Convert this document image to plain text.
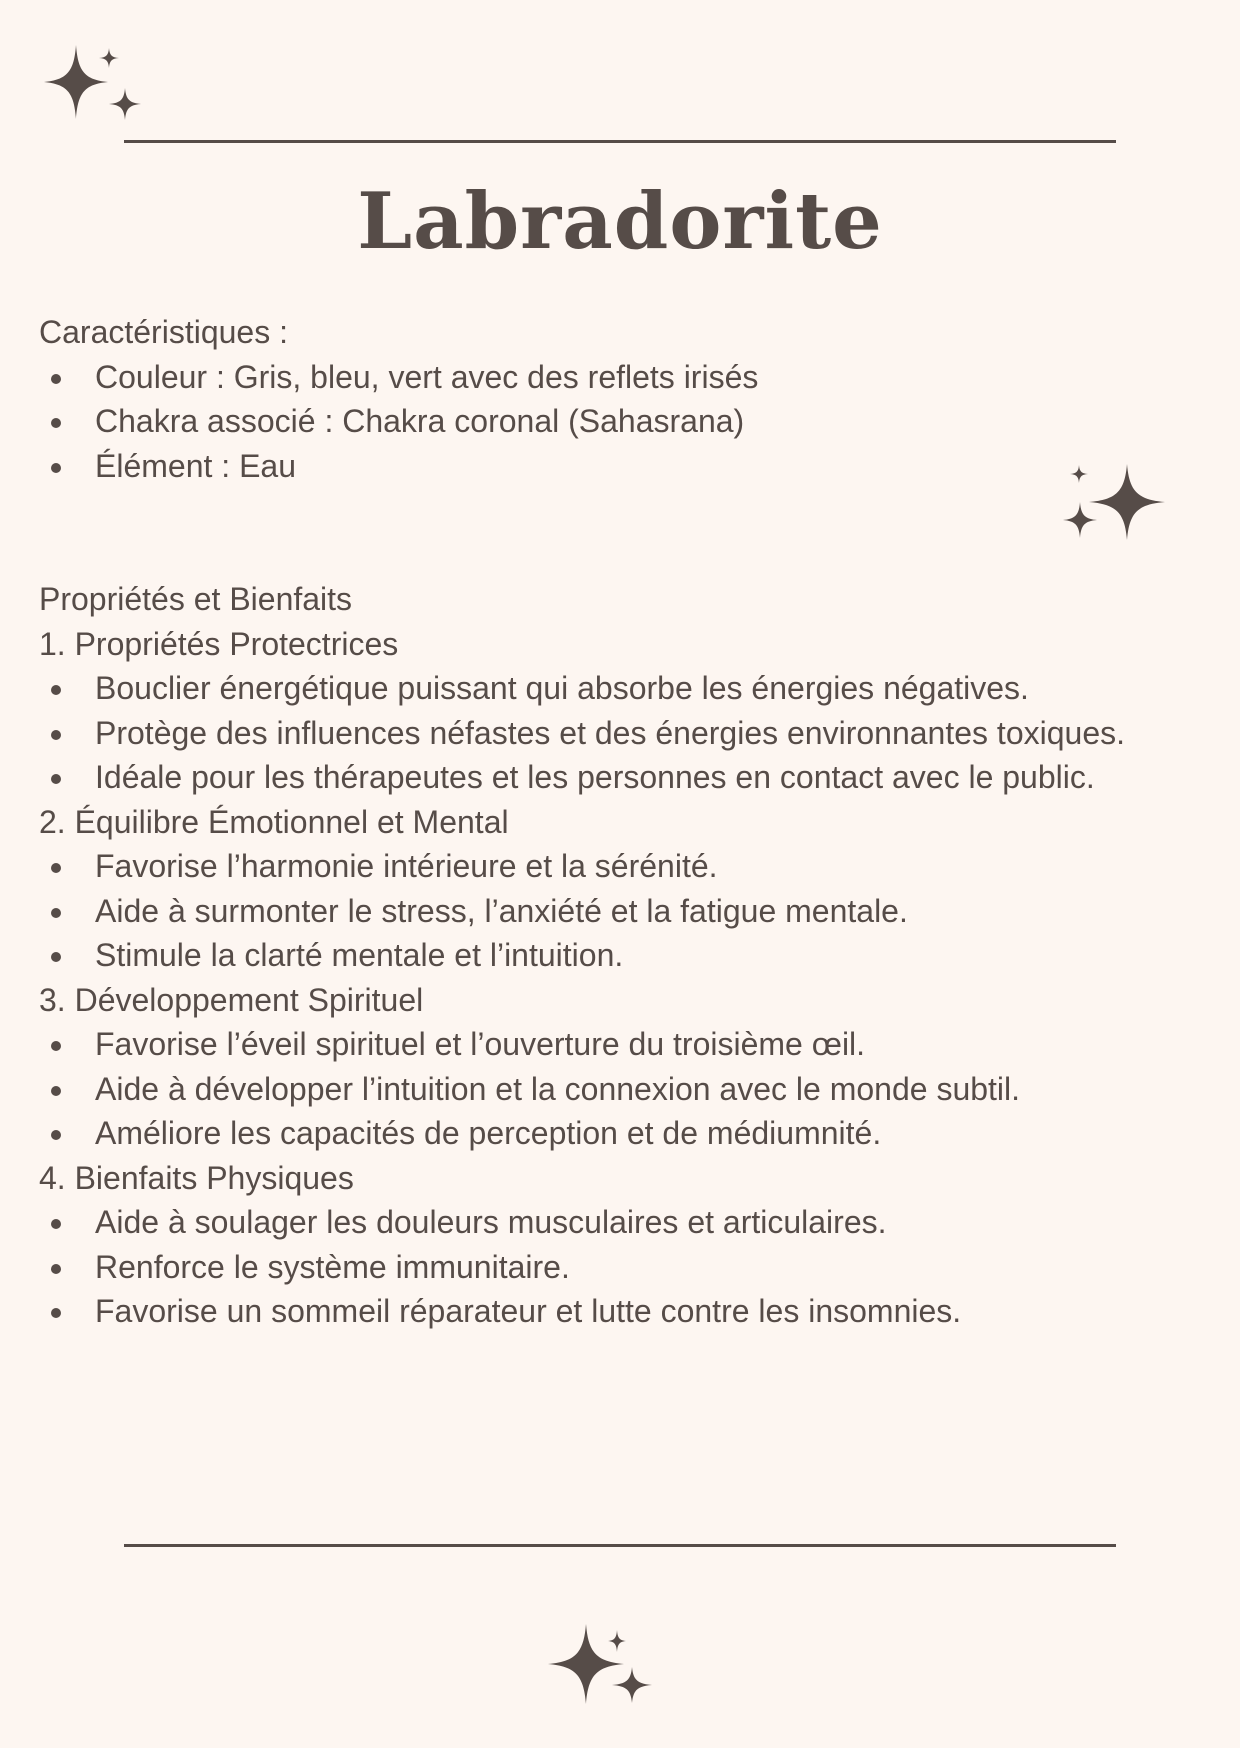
Labradorite

Caractéristiques :

Couleur : Gris, bleu, vert avec des reflets irisés
Chakra associé : Chakra coronal (Sahasrana)
Élément : Eau

Propriétés et Bienfaits

1. Propriétés Protectrices

Bouclier énergétique puissant qui absorbe les énergies négatives.
Protège des influences néfastes et des énergies environnantes toxiques.
Idéale pour les thérapeutes et les personnes en contact avec le public.

2. Équilibre Émotionnel et Mental

Favorise l’harmonie intérieure et la sérénité.
Aide à surmonter le stress, l’anxiété et la fatigue mentale.
Stimule la clarté mentale et l’intuition.

3. Développement Spirituel

Favorise l’éveil spirituel et l’ouverture du troisième œil.
Aide à développer l’intuition et la connexion avec le monde subtil.
Améliore les capacités de perception et de médiumnité.

4. Bienfaits Physiques

Aide à soulager les douleurs musculaires et articulaires.
Renforce le système immunitaire.
Favorise un sommeil réparateur et lutte contre les insomnies.
